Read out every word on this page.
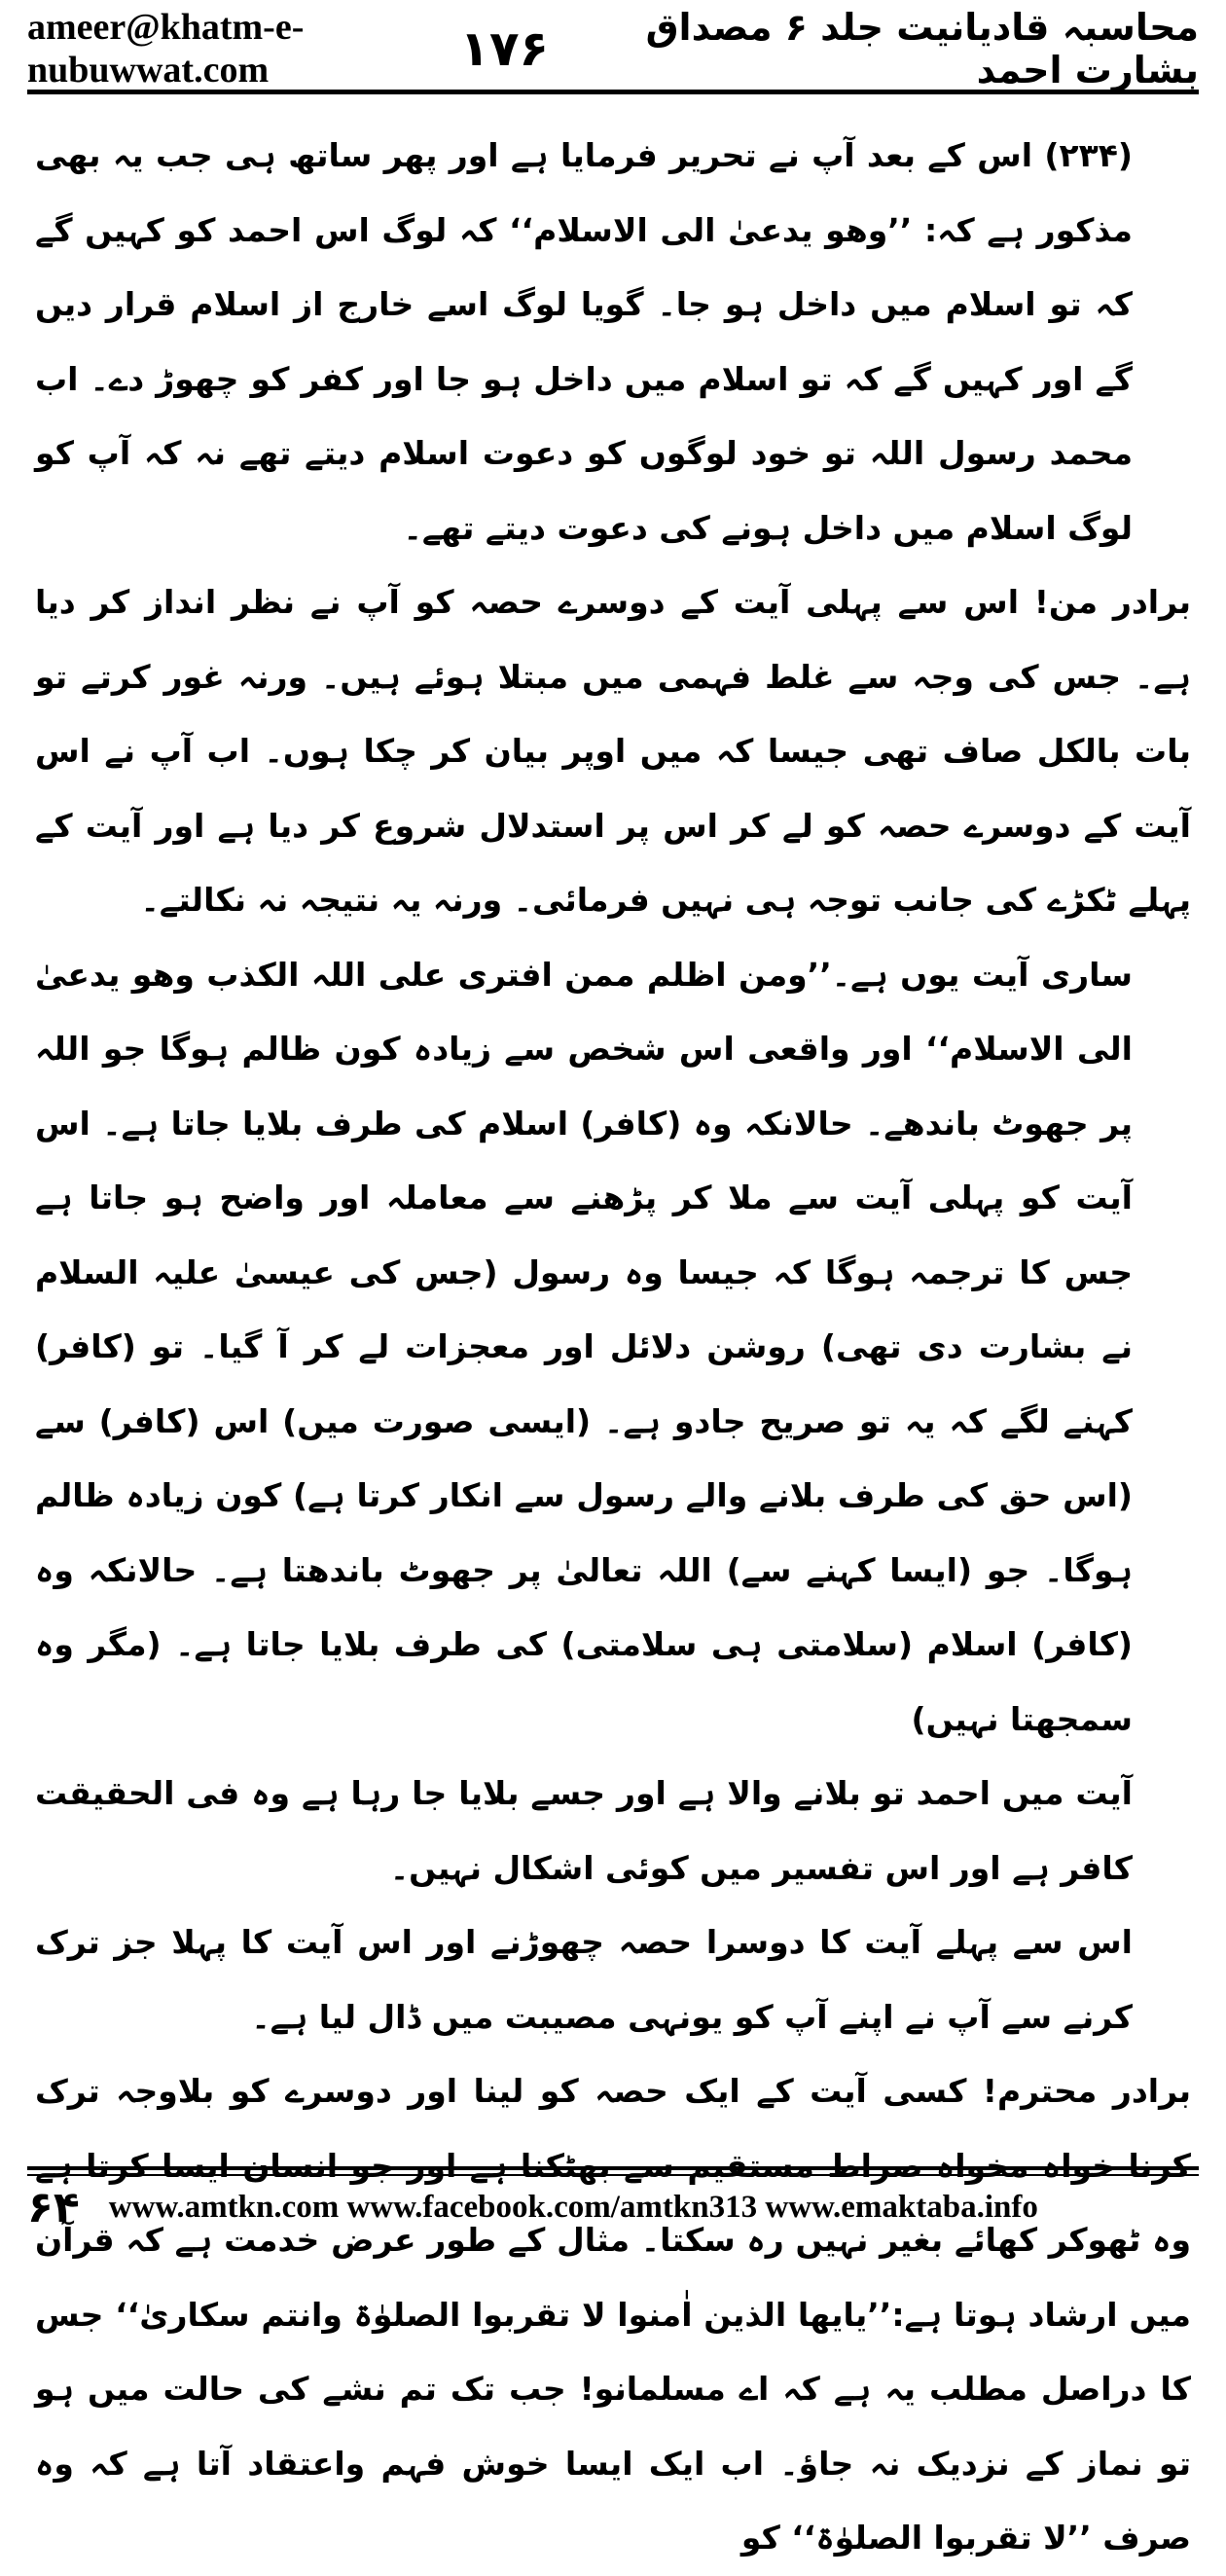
ameer@khatm-e-nubuwwat.com	۱۷۶	محاسبہ قادیانیت جلد ۶ مصداق بشارت احمد

(۲۳۴) اس کے بعد آپ نے تحریر فرمایا ہے اور پھر ساتھ ہی جب یہ بھی مذکور ہے کہ: ’’وھو یدعیٰ الی الاسلام‘‘ کہ لوگ اس احمد کو کہیں گے کہ تو اسلام میں داخل ہو جا۔ گویا لوگ اسے خارج از اسلام قرار دیں گے اور کہیں گے کہ تو اسلام میں داخل ہو جا اور کفر کو چھوڑ دے۔ اب محمد رسول اللہ تو خود لوگوں کو دعوت اسلام دیتے تھے نہ کہ آپ کو لوگ اسلام میں داخل ہونے کی دعوت دیتے تھے۔

برادر من! اس سے پہلی آیت کے دوسرے حصہ کو آپ نے نظر انداز کر دیا ہے۔ جس کی وجہ سے غلط فہمی میں مبتلا ہوئے ہیں۔ ورنہ غور کرتے تو بات بالکل صاف تھی جیسا کہ میں اوپر بیان کر چکا ہوں۔ اب آپ نے اس آیت کے دوسرے حصہ کو لے کر اس پر استدلال شروع کر دیا ہے اور آیت کے پہلے ٹکڑے کی جانب توجہ ہی نہیں فرمائی۔ ورنہ یہ نتیجہ نہ نکالتے۔

ساری آیت یوں ہے۔’’ومن اظلم ممن افتری علی اللہ الکذب وھو یدعیٰ الی الاسلام‘‘ اور واقعی اس شخص سے زیادہ کون ظالم ہوگا جو اللہ پر جھوٹ باندھے۔ حالانکہ وہ (کافر) اسلام کی طرف بلایا جاتا ہے۔ اس آیت کو پہلی آیت سے ملا کر پڑھنے سے معاملہ اور واضح ہو جاتا ہے جس کا ترجمہ ہوگا کہ جیسا وہ رسول (جس کی عیسیٰ علیہ السلام نے بشارت دی تھی) روشن دلائل اور معجزات لے کر آ گیا۔ تو (کافر) کہنے لگے کہ یہ تو صریح جادو ہے۔ (ایسی صورت میں) اس (کافر) سے (اس حق کی طرف بلانے والے رسول سے انکار کرتا ہے) کون زیادہ ظالم ہوگا۔ جو (ایسا کہنے سے) اللہ تعالیٰ پر جھوٹ باندھتا ہے۔ حالانکہ وہ (کافر) اسلام (سلامتی ہی سلامتی) کی طرف بلایا جاتا ہے۔ (مگر وہ سمجھتا نہیں)

آیت میں احمد تو بلانے والا ہے اور جسے بلایا جا رہا ہے وہ فی الحقیقت کافر ہے اور اس تفسیر میں کوئی اشکال نہیں۔

اس سے پہلے آیت کا دوسرا حصہ چھوڑنے اور اس آیت کا پہلا جز ترک کرنے سے آپ نے اپنے آپ کو یونہی مصیبت میں ڈال لیا ہے۔

برادر محترم! کسی آیت کے ایک حصہ کو لینا اور دوسرے کو بلاوجہ ترک کرنا خواہ مخواہ صراط مستقیم سے بھٹکنا ہے اور جو انسان ایسا کرتا ہے وہ ٹھوکر کھائے بغیر نہیں رہ سکتا۔ مثال کے طور عرض خدمت ہے کہ قرآن میں ارشاد ہوتا ہے:’’یایھا الذین اٰمنوا لا تقربوا الصلوٰۃ وانتم سکاریٰ‘‘ جس کا دراصل مطلب یہ ہے کہ اے مسلمانو! جب تک تم نشے کی حالت میں ہو تو نماز کے نزدیک نہ جاؤ۔ اب ایک ایسا خوش فہم واعتقاد آتا ہے کہ وہ صرف ’’لا تقربوا الصلوٰۃ‘‘ کو

۶۴ www.amtkn.com www.facebook.com/amtkn313 www.emaktaba.info
